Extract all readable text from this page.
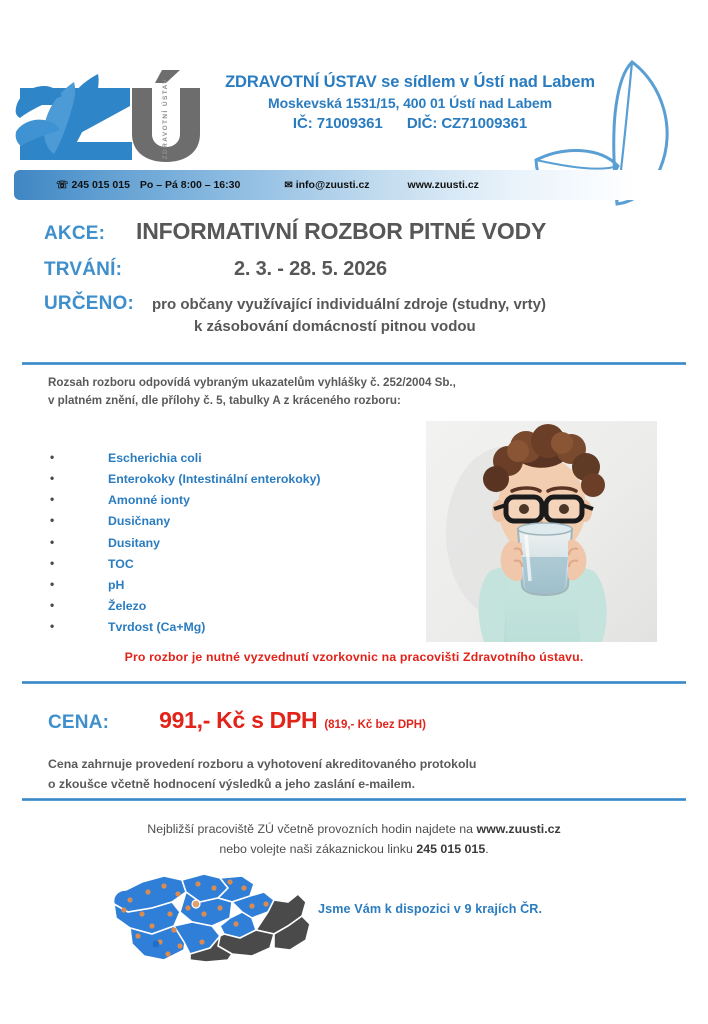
ZDRAVOTNÍ ÚSTAV	ZDRAVOTNÍ ÚSTAV se sídlem v Ústí nad Labem
Moskevská 1531/15, 400 01 Ústí nad Labem
IČ: 71009361 DIČ: CZ71009361
☏ 245 015 015 Po – Pá 8:00 – 16:30	✉ info@zuusti.cz	www.zuusti.cz
AKCE:	INFORMATIVNÍ ROZBOR PITNÉ VODY
TRVÁNÍ:	2. 3. - 28. 5. 2026
URČENO:	pro občany využívající individuální zdroje (studny, vrty)
k zásobování domácností pitnou vodou
Rozsah rozboru odpovídá vybraným ukazatelům vyhlášky č. 252/2004 Sb.,
v platném znění, dle přílohy č. 5, tabulky A z kráceného rozboru:
• Escherichia coli
• Enterokoky (Intestinální enterokoky)
• Amonné ionty
• Dusičnany
• Dusitany
• TOC
• pH
• Železo
• Tvrdost (Ca+Mg)
Pro rozbor je nutné vyzvednutí vzorkovnic na pracovišti Zdravotního ústavu.
CENA: 991,- Kč s DPH (819,- Kč bez DPH)
Cena zahrnuje provedení rozboru a vyhotovení akreditovaného protokolu
o zkoušce včetně hodnocení výsledků a jeho zaslání e-mailem.
Nejbližší pracoviště ZÚ včetně provozních hodin najdete na www.zuusti.cz
nebo volejte naši zákaznickou linku 245 015 015.
Jsme Vám k dispozici v 9 krajích ČR.
